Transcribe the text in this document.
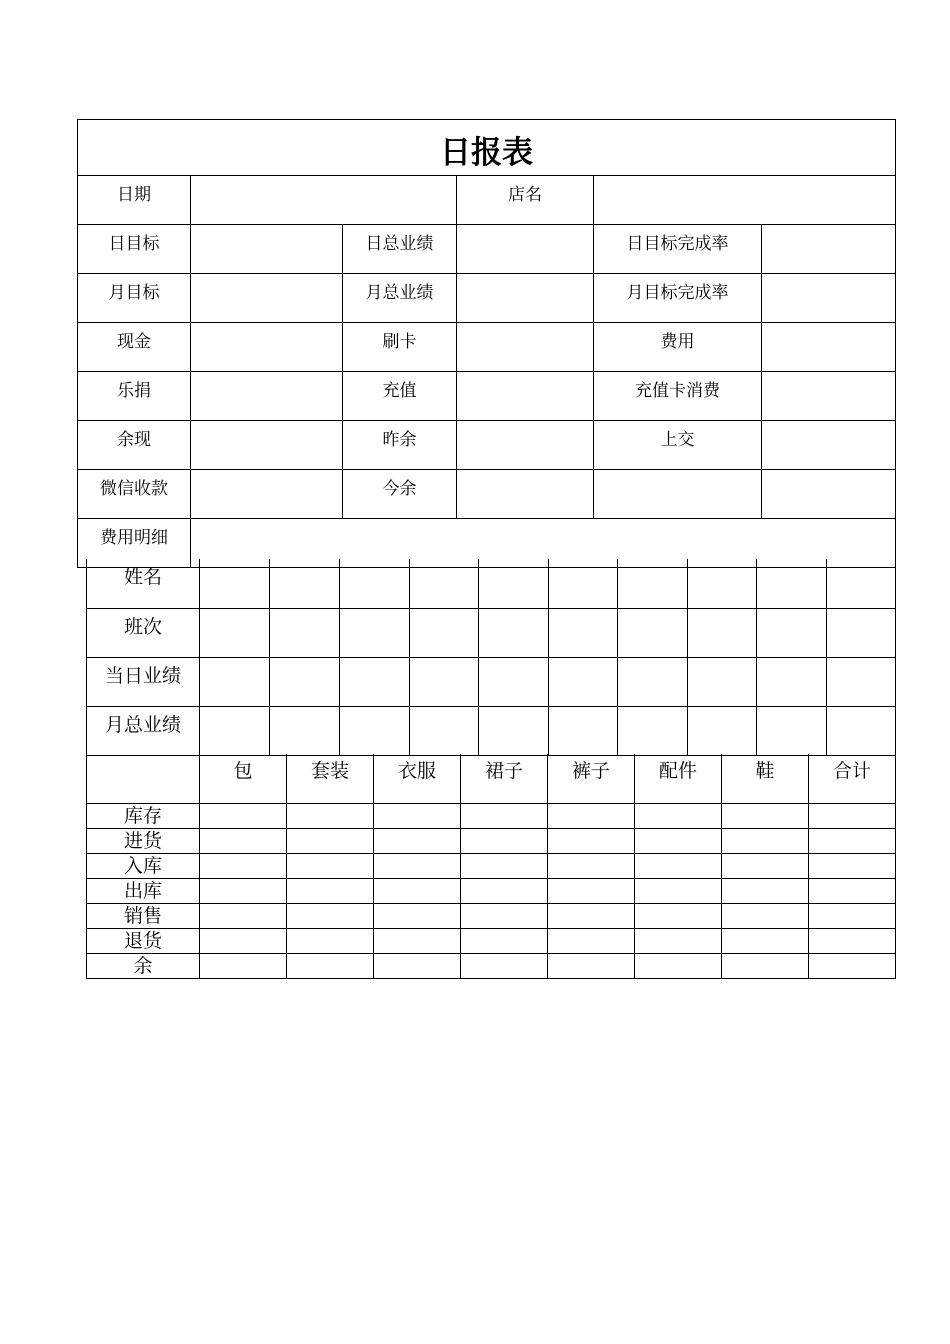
日报表					
日期			店名		
日目标		日总业绩		日目标完成率	
月目标		月总业绩		月目标完成率	
现金		刷卡		费用	
乐捐		充值		充值卡消费	
余现		昨余		上交	
微信收款		今余			
费用明细					
姓名										
班次										
当日业绩										
月总业绩										
	包	套装	衣服	裙子	裤子	配件	鞋	合计
库存								
进货								
入库								
出库								
销售								
退货								
余								
